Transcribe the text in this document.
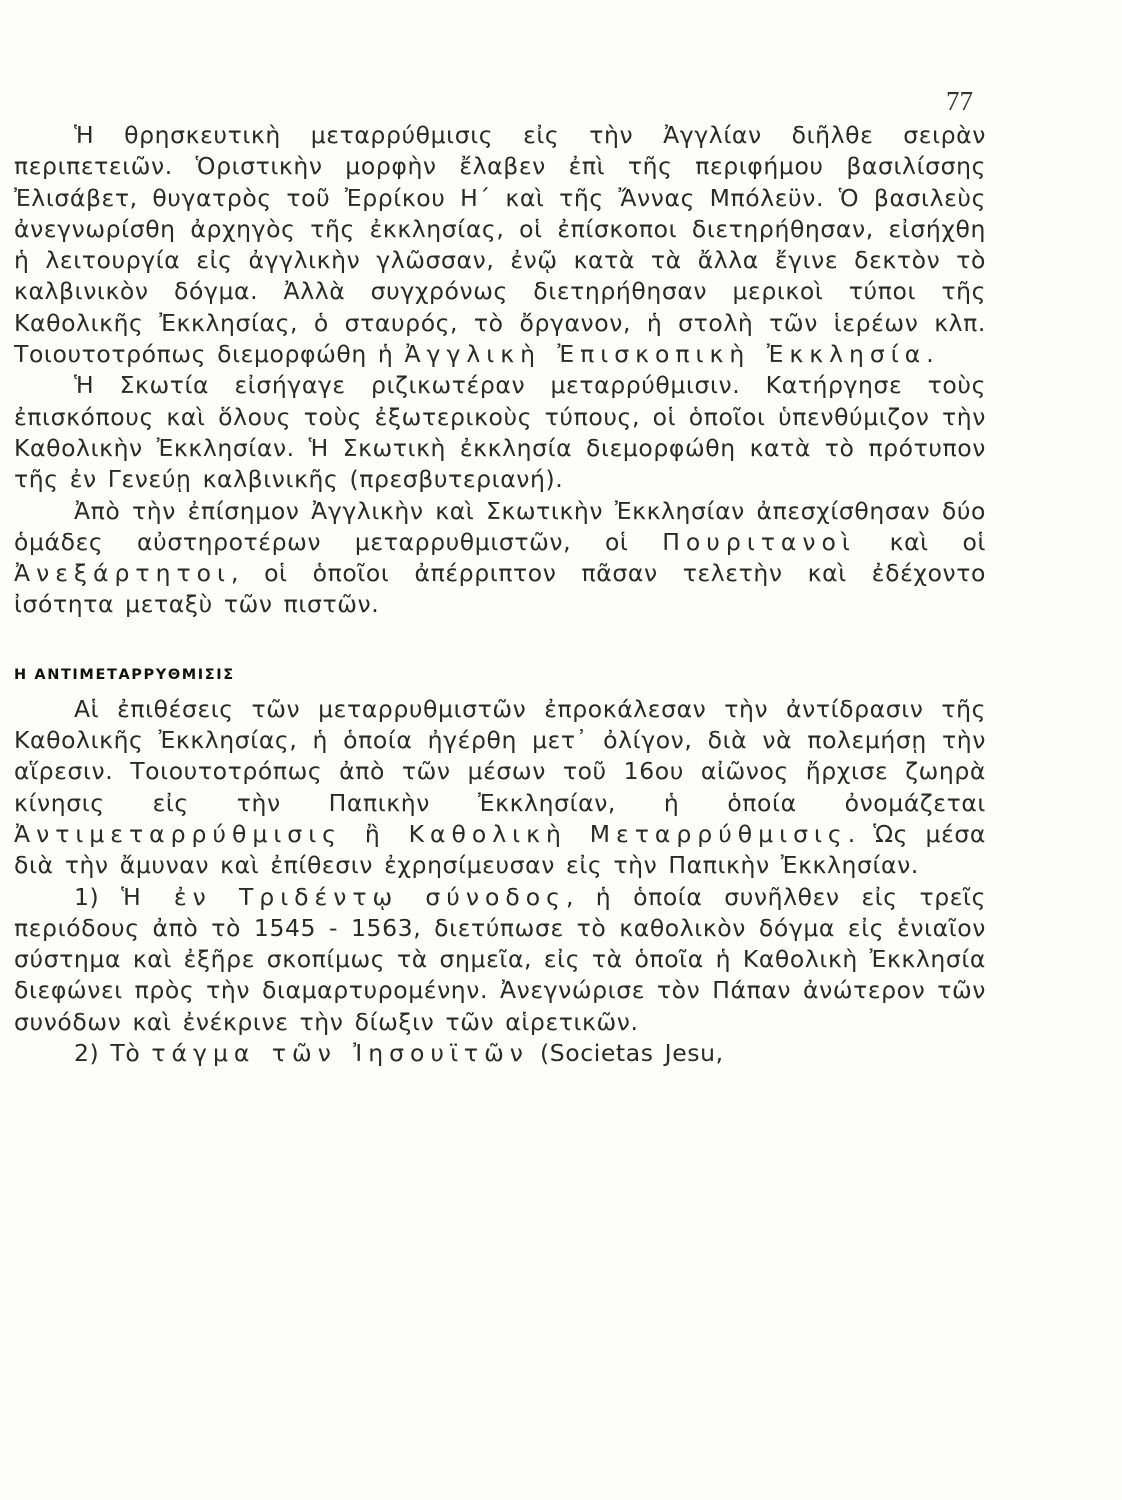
77

Ἡ θρησκευτικὴ μεταρρύθμισις εἰς τὴν Ἀγγλίαν διῆλθε σειρὰν περιπετειῶν. Ὁριστικὴν μορφὴν ἔλαβεν ἐπὶ τῆς περιφήμου βασιλίσσης Ἐλισάβετ, θυγατρὸς τοῦ Ἐρρίκου Η΄ καὶ τῆς Ἄννας Μπόλεϋν. Ὁ βασιλεὺς ἀνεγνωρίσθη ἀρχηγὸς τῆς ἐκκλησίας, οἱ ἐπίσκοποι διετηρήθησαν, εἰσήχθη ἡ λειτουργία εἰς ἀγγλικὴν γλῶσσαν, ἐνῷ κατὰ τὰ ἄλλα ἔγινε δεκτὸν τὸ καλβινικὸν δόγμα. Ἀλλὰ συγχρόνως διετηρήθησαν μερικοὶ τύποι τῆς Καθολικῆς Ἐκκλησίας, ὁ σταυρός, τὸ ὄργανον, ἡ στολὴ τῶν ἱερέων κλπ. Τοιουτοτρόπως διεμορφώθη ἡ Ἀγγλικὴ Ἐπισκοπικὴ Ἐκκλησία.

Ἡ Σκωτία εἰσήγαγε ριζικωτέραν μεταρρύθμισιν. Κατήργησε τοὺς ἐπισκόπους καὶ ὅλους τοὺς ἐξωτερικοὺς τύπους, οἱ ὁποῖοι ὑπενθύμιζον τὴν Καθολικὴν Ἐκκλησίαν. Ἡ Σκωτικὴ ἐκκλησία διεμορφώθη κατὰ τὸ πρότυπον τῆς ἐν Γενεύῃ καλβινικῆς (πρεσβυτεριανή).

Ἀπὸ τὴν ἐπίσημον Ἀγγλικὴν καὶ Σκωτικὴν Ἐκκλησίαν ἀπεσχίσθησαν δύο ὁμάδες αὐστηροτέρων μεταρρυθμιστῶν, οἱ Πουριτανοὶ καὶ οἱ Ἀνεξάρτητοι, οἱ ὁποῖοι ἀπέρριπτον πᾶσαν τελετὴν καὶ ἐδέχοντο ἰσότητα μεταξὺ τῶν πιστῶν.

Η ΑΝΤΙΜΕΤΑΡΡΥΘΜΙΣΙΣ

Αἱ ἐπιθέσεις τῶν μεταρρυθμιστῶν ἐπροκάλεσαν τὴν ἀντίδρασιν τῆς Καθολικῆς Ἐκκλησίας, ἡ ὁποία ἠγέρθη μετ᾽ ὀλίγον, διὰ νὰ πολεμήσῃ τὴν αἵρεσιν. Τοιουτοτρόπως ἀπὸ τῶν μέσων τοῦ 16ου αἰῶνος ἤρχισε ζωηρὰ κίνησις εἰς τὴν Παπικὴν Ἐκκλησίαν, ἡ ὁποία ὀνομάζεται Ἀντιμεταρρύθμισις ἢ Καθολικὴ Μεταρρύθμισις. Ὡς μέσα διὰ τὴν ἄμυναν καὶ ἐπίθεσιν ἐχρησίμευσαν εἰς τὴν Παπικὴν Ἐκκλησίαν.

1) Ἡ ἐν Τριδέντῳ σύνοδος, ἡ ὁποία συνῆλθεν εἰς τρεῖς περιόδους ἀπὸ τὸ 1545 - 1563, διετύπωσε τὸ καθολικὸν δόγμα εἰς ἑνιαῖον σύστημα καὶ ἐξῆρε σκοπίμως τὰ σημεῖα, εἰς τὰ ὁποῖα ἡ Καθολικὴ Ἐκκλησία διεφώνει πρὸς τὴν διαμαρτυρομένην. Ἀνεγνώρισε τὸν Πάπαν ἀνώτερον τῶν συνόδων καὶ ἐνέκρινε τὴν δίωξιν τῶν αἱρετικῶν.

2) Τὸ τάγμα τῶν Ἰησουϊτῶν (Societas Jesu,
